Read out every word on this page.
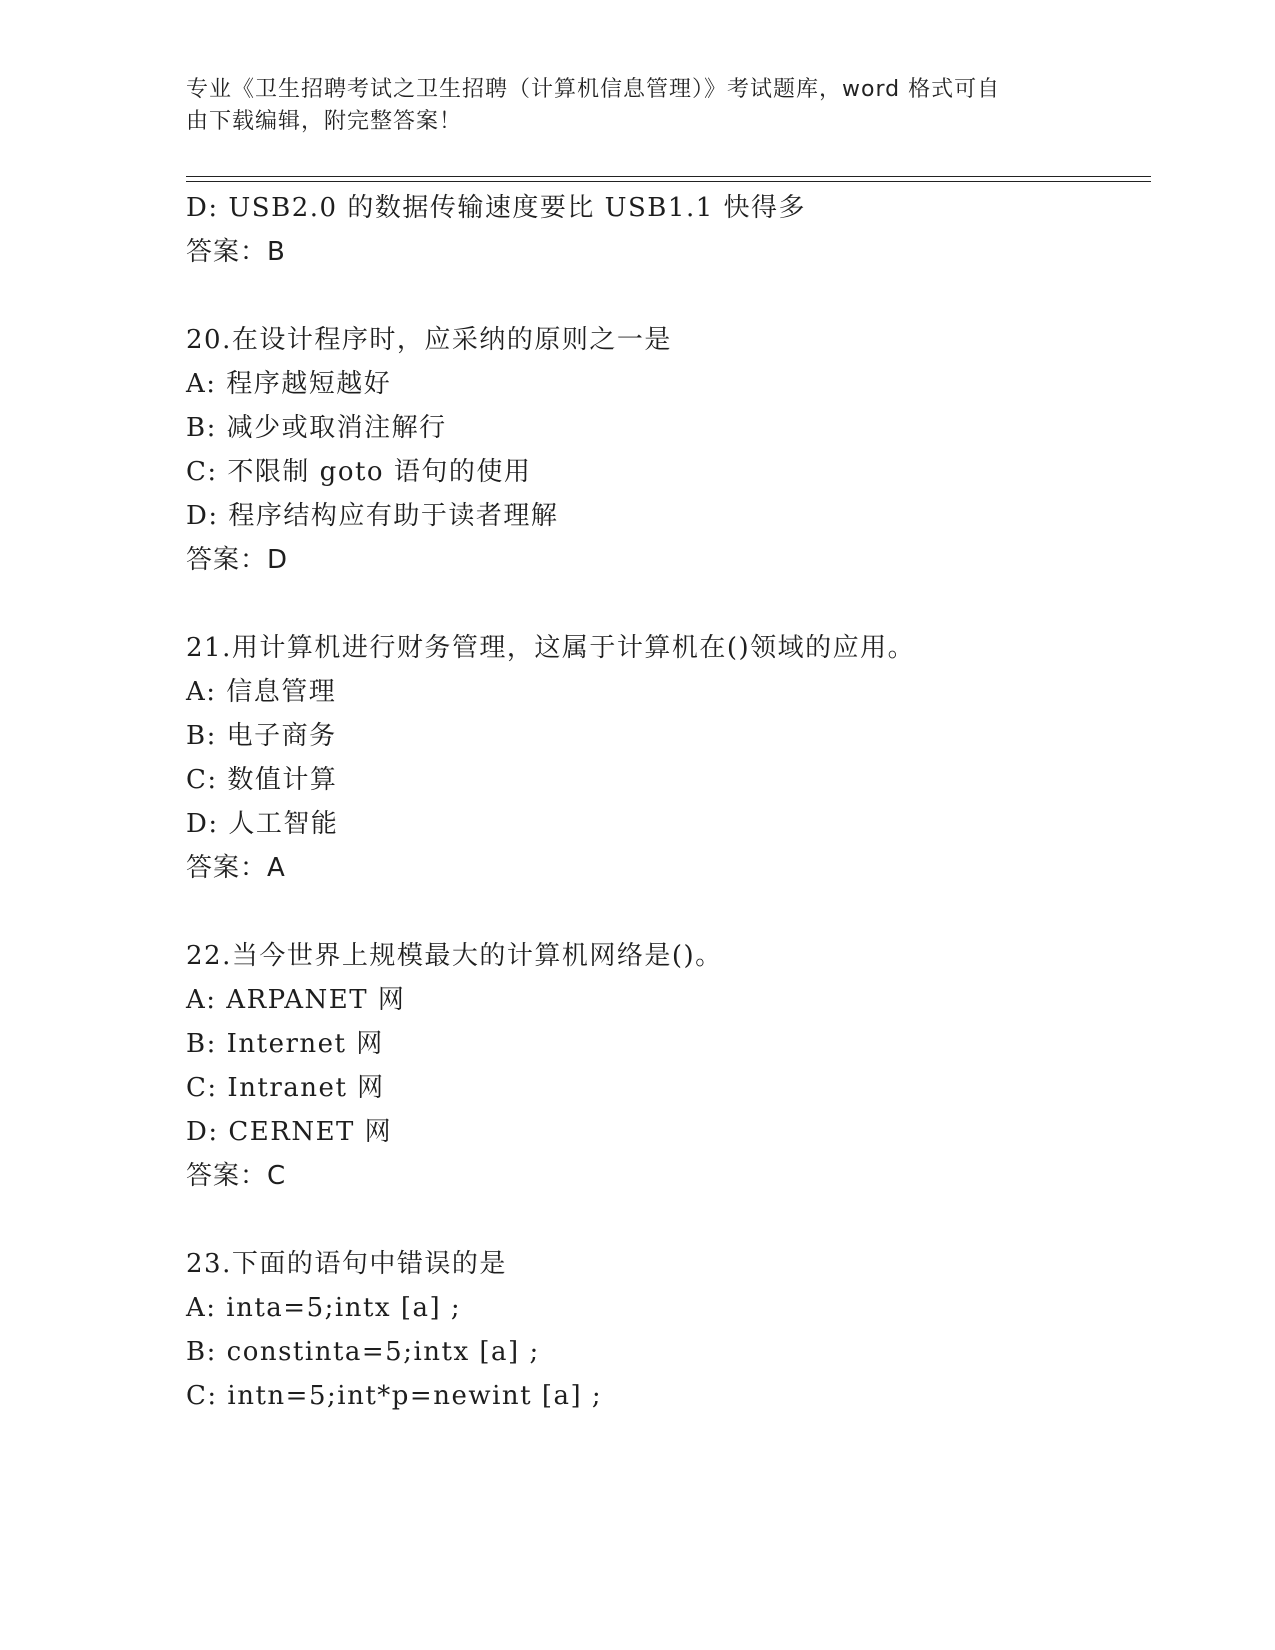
专业《卫生招聘考试之卫生招聘（计算机信息管理）》考试题库，word 格式可自
由下载编辑，附完整答案！
D: USB2.0 的数据传输速度要比 USB1.1 快得多
答案：B
20.在设计程序时，应采纳的原则之一是
A: 程序越短越好
B: 减少或取消注解行
C: 不限制 goto 语句的使用
D: 程序结构应有助于读者理解
答案：D
21.用计算机进行财务管理，这属于计算机在()领域的应用。
A: 信息管理
B: 电子商务
C: 数值计算
D: 人工智能
答案：A
22.当今世界上规模最大的计算机网络是()。
A: ARPANET 网
B: Internet 网
C: Intranet 网
D: CERNET 网
答案：C
23.下面的语句中错误的是
A: inta=5;intx [a] ;
B: constinta=5;intx [a] ;
C: intn=5;int*p=newint [a] ;
